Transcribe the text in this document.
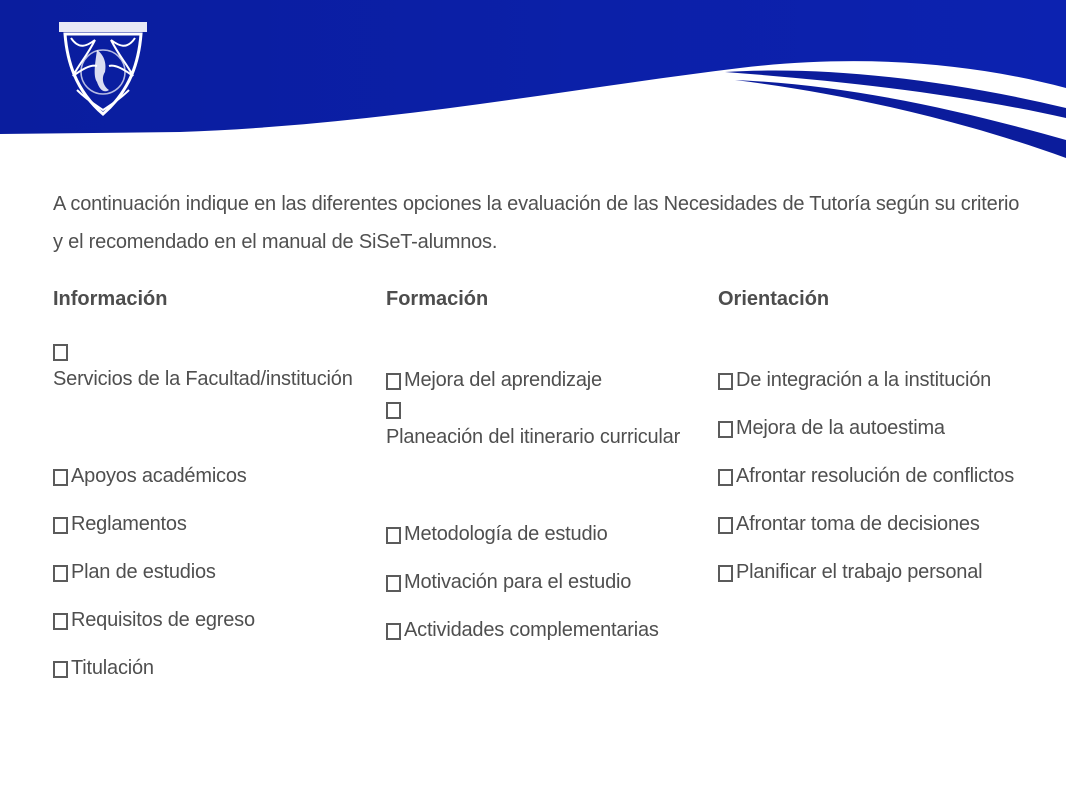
A continuación indique en las diferentes opciones la evaluación de las Necesidades de Tutoría según su criterio y el recomendado en el manual de SiSeT-alumnos.
Información
Servicios de la Facultad/institución
Apoyos académicos
Reglamentos
Plan de estudios
Requisitos de egreso
Titulación
Formación
Mejora del aprendizaje
Planeación del itinerario curricular
Metodología de estudio
Motivación para el estudio
Actividades complementarias
Orientación
De integración a la institución
Mejora de la autoestima
Afrontar resolución de conflictos
Afrontar toma de decisiones
Planificar el trabajo personal
